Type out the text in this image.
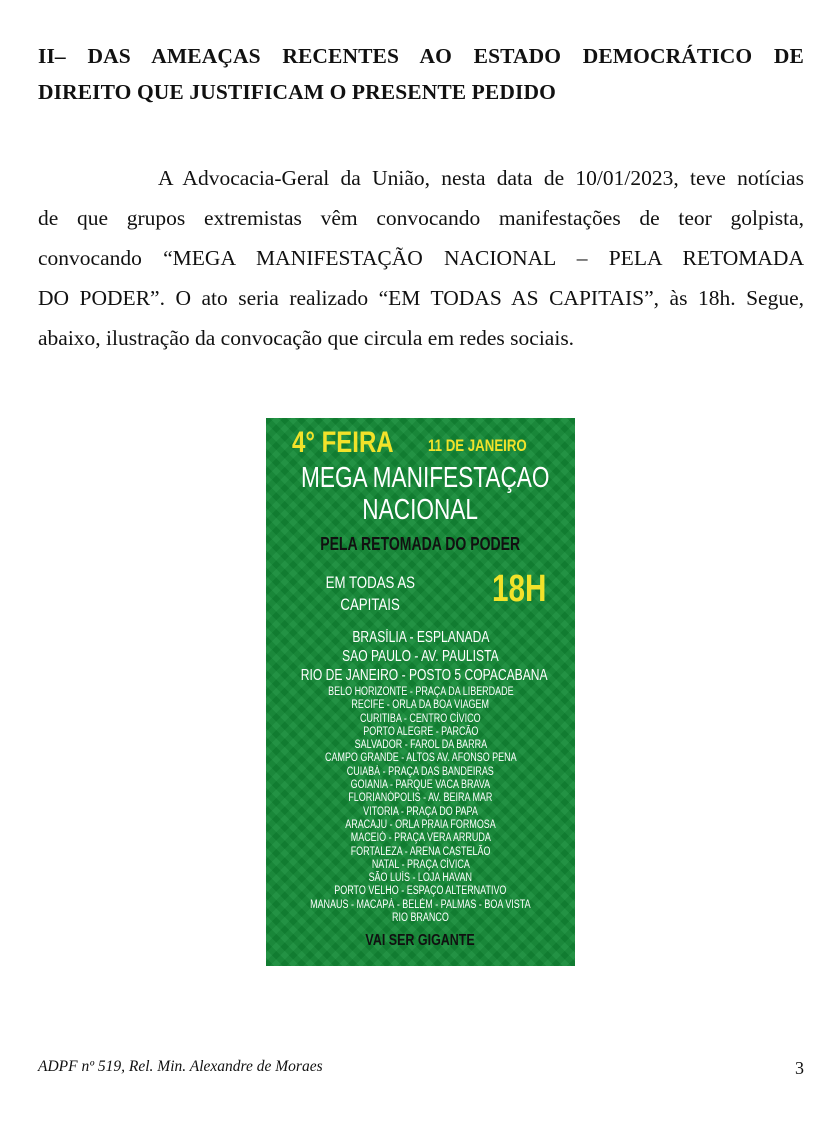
II– DAS AMEAÇAS RECENTES AO ESTADO DEMOCRÁTICO DE
DIREITO QUE JUSTIFICAM O PRESENTE PEDIDO
A Advocacia-Geral da União, nesta data de 10/01/2023, teve notícias
de que grupos extremistas vêm convocando manifestações de teor golpista,
convocando “MEGA MANIFESTAÇÃO NACIONAL – PELA RETOMADA
DO PODER”. O ato seria realizado “EM TODAS AS CAPITAIS”, às 18h. Segue,
abaixo, ilustração da convocação que circula em redes sociais.
4° FEIRA 11 DE JANEIRO
MEGA MANIFESTAÇAO
NACIONAL
PELA RETOMADA DO PODER
EM TODAS AS
CAPITAIS	18H
BRASÍLIA - ESPLANADA
SAO PAULO - AV. PAULISTA
RIO DE JANEIRO - POSTO 5 COPACABANA
BELO HORIZONTE - PRAÇA DA LIBERDADE
RECIFE - ORLA DA BOA VIAGEM
CURITIBA - CENTRO CÍVICO
PORTO ALEGRE - PARCÃO
SALVADOR - FAROL DA BARRA
CAMPO GRANDE - ALTOS AV. AFONSO PENA
CUIABÁ - PRAÇA DAS BANDEIRAS
GOIANIA - PARQUE VACA BRAVA
FLORIANÓPOLIS - AV. BEIRA MAR
VITORIA - PRAÇA DO PAPA
ARACAJU - ORLA PRAIA FORMOSA
MACEIÓ - PRAÇA VERA ARRUDA
FORTALEZA - ARENA CASTELÃO
NATAL - PRAÇA CÍVICA
SÃO LUÍS - LOJA HAVAN
PORTO VELHO - ESPAÇO ALTERNATIVO
MANAUS - MACAPÁ - BELÉM - PALMAS - BOA VISTA
RIO BRANCO
VAI SER GIGANTE
ADPF nº 519, Rel. Min. Alexandre de Moraes	3
